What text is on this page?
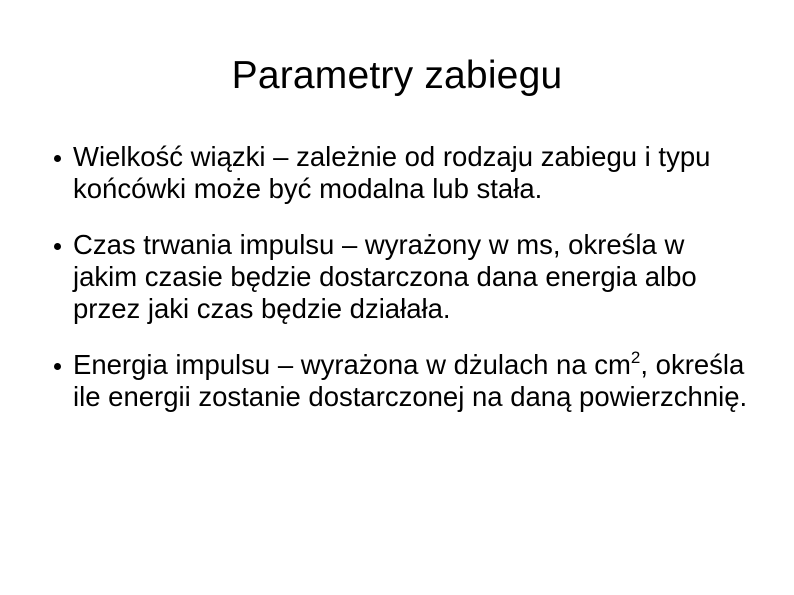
Parametry zabiegu
Wielkość wiązki – zależnie od rodzaju zabiegu i typu końcówki może być modalna lub stała.
Czas trwania impulsu – wyrażony w ms, określa w jakim czasie będzie dostarczona dana energia albo przez jaki czas będzie działała.
Energia impulsu – wyrażona w dżulach na $cm^2$, określa ile energii zostanie dostarczonej na daną powierzchnię.
